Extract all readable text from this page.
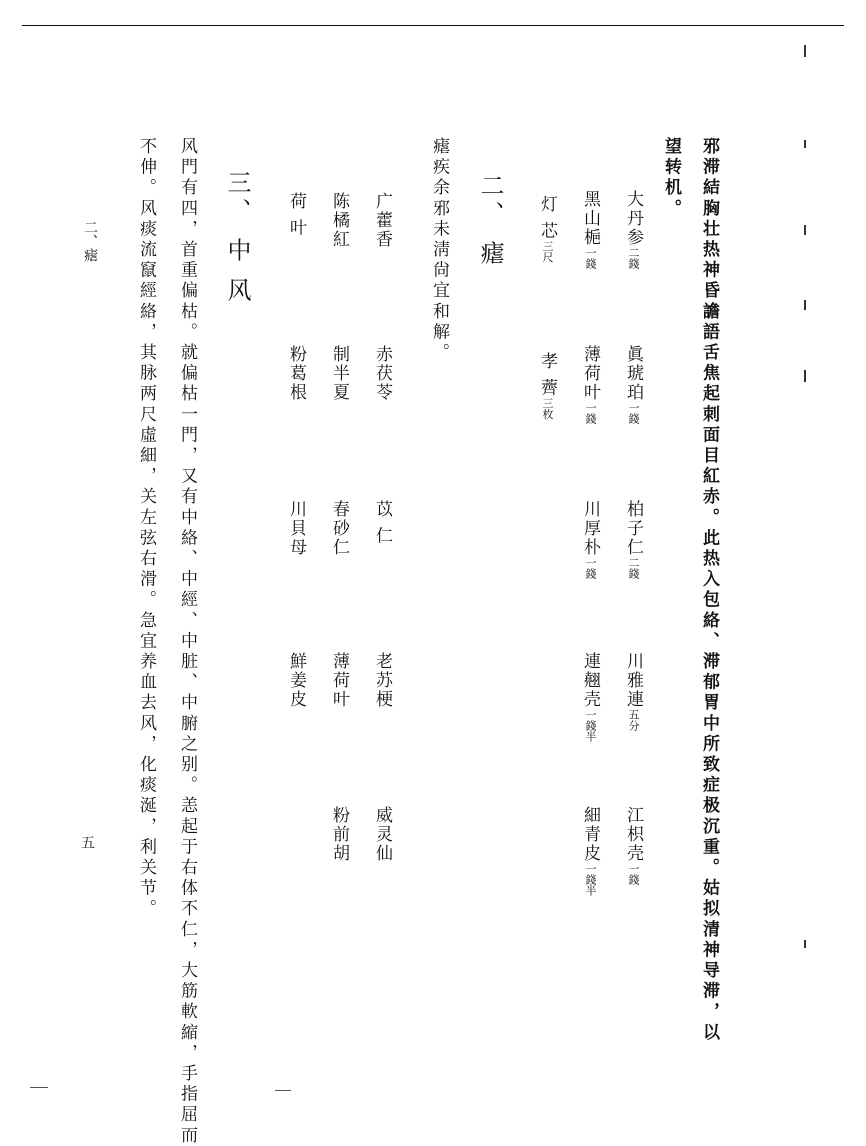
邪滞結胸壮热神昏譫語舌焦起刺面目紅赤。此热入包絡、滞郁胃中所致症极沉重。姑拟清神导滞，以
望转机。
大丹参二錢
眞琥珀一錢
柏子仁二錢
川雅連五分
江枳壳一錢
黑山梔一錢
薄荷叶一錢
川厚朴一錢
連翹壳一錢半
細青皮一錢半
灯 芯三尺
孝 薺三枚
二、 瘧
瘧疾余邪未淸尙宜和解。
广藿香
赤茯苓
苡 仁
老苏梗
威灵仙
陈橘紅
制半夏
春砂仁
薄荷叶
粉前胡
荷 叶
粉葛根
川貝母
鮮姜皮
三、 中 风
风門有四，首重偏枯。就偏枯一門，又有中絡、中經、中脏、中腑之别。恙起于右体不仁，大筋軟縮，手指屈而
不伸。风痰流竄經絡，其脉两尺虛細，关左弦右滑。急宜养血去风，化痰涎，利关节。
二、瘧
五
